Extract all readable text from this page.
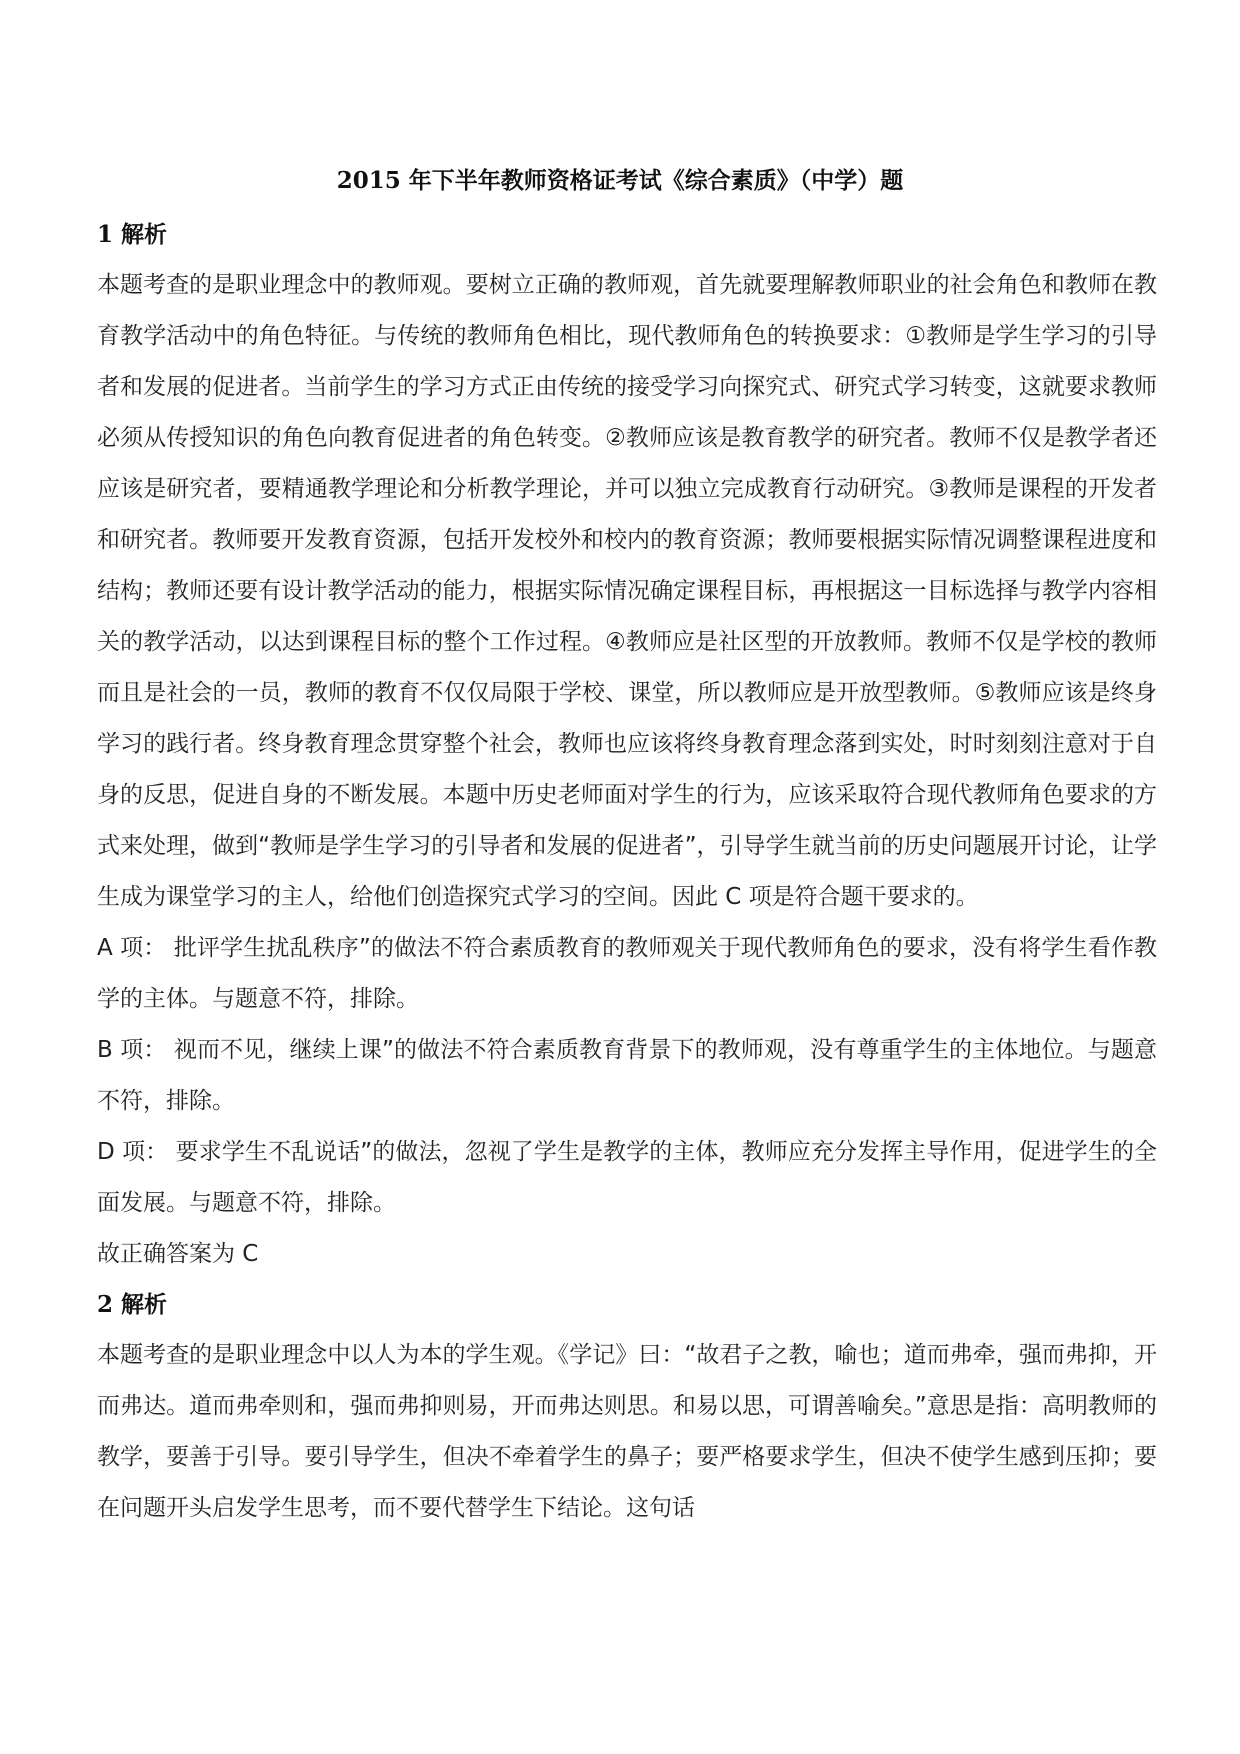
2015 年下半年教师资格证考试《综合素质》（中学）题

1 解析

本题考查的是职业理念中的教师观。要树立正确的教师观，首先就要理解教师职业的社会角色和教师在教育教学活动中的角色特征。与传统的教师角色相比，现代教师角色的转换要求：①教师是学生学习的引导者和发展的促进者。当前学生的学习方式正由传统的接受学习向探究式、研究式学习转变，这就要求教师必须从传授知识的角色向教育促进者的角色转变。②教师应该是教育教学的研究者。教师不仅是教学者还应该是研究者，要精通教学理论和分析教学理论，并可以独立完成教育行动研究。③教师是课程的开发者和研究者。教师要开发教育资源，包括开发校外和校内的教育资源；教师要根据实际情况调整课程进度和结构；教师还要有设计教学活动的能力，根据实际情况确定课程目标，再根据这一目标选择与教学内容相关的教学活动，以达到课程目标的整个工作过程。④教师应是社区型的开放教师。教师不仅是学校的教师而且是社会的一员，教师的教育不仅仅局限于学校、课堂，所以教师应是开放型教师。⑤教师应该是终身学习的践行者。终身教育理念贯穿整个社会，教师也应该将终身教育理念落到实处，时时刻刻注意对于自身的反思，促进自身的不断发展。本题中历史老师面对学生的行为，应该采取符合现代教师角色要求的方式来处理，做到“教师是学生学习的引导者和发展的促进者”，引导学生就当前的历史问题展开讨论，让学生成为课堂学习的主人，给他们创造探究式学习的空间。因此 C 项是符合题干要求的。

A 项： 批评学生扰乱秩序”的做法不符合素质教育的教师观关于现代教师角色的要求，没有将学生看作教学的主体。与题意不符，排除。

B 项： 视而不见，继续上课”的做法不符合素质教育背景下的教师观，没有尊重学生的主体地位。与题意不符，排除。

D 项： 要求学生不乱说话”的做法，忽视了学生是教学的主体，教师应充分发挥主导作用，促进学生的全面发展。与题意不符，排除。

故正确答案为 C

2 解析

本题考查的是职业理念中以人为本的学生观。《学记》曰：“故君子之教，喻也；道而弗牵，强而弗抑，开而弗达。道而弗牵则和，强而弗抑则易，开而弗达则思。和易以思，可谓善喻矣。”意思是指：高明教师的教学，要善于引导。要引导学生，但决不牵着学生的鼻子；要严格要求学生，但决不使学生感到压抑；要在问题开头启发学生思考，而不要代替学生下结论。这句话
